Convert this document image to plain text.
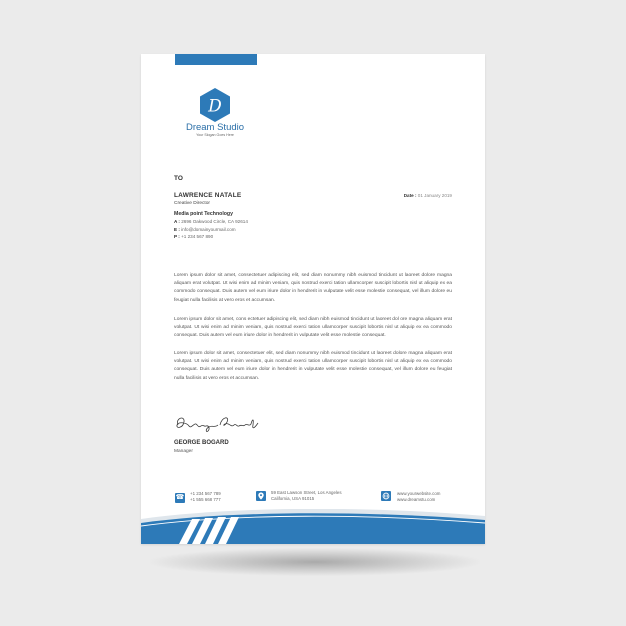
D
Dream Studio
Your Slogan Goes Here
TO
Date : 01 January 2019
LAWRENCE NATALE
Creative Director
Media point Technology
A : 2696 Oakwood Circle, CA 92614
E : info@domainyourmail.com
P : +1 234 567 890

Lorem ipsum dolor sit amet, consectetuer adipiscing elit, sed diam nonummy nibh euismod tincidunt ut laoreet dolore magna aliquam erat volutpat. Ut wisi enim ad minim veniam, quis nostrud exerci tation ullamcorper suscipit lobortis nisl ut aliquip ex ea commodo consequat. Duis autem vel eum iriure dolor in hendrerit in vulputate velit esse molestie consequat, vel illum dolore eu feugiat nulla facilisis at vero eros et accumsan.

Lorem ipsum dolor sit amet, cons ectetuer adipiscing elit, sed diam nibh euismod tincidunt ut laoreet dol ore magna aliquam erat volutpat. Ut wisi enim ad minim veniam, quis nostrud exerci tation ullamcorper suscipit lobortis nisl ut aliquip ex ea commodo consequat. Duis autem vel eum iriure dolor in hendrerit in vulputate velit esse molestie consequat.

Lorem ipsum dolor sit amet, consectetuer elit, sed diam nonummy nibh euismod tincidunt ut laoreet dolore magna aliquam erat volutpat. Ut wisi enim ad minim veniam, quis nostrud exerci tation ullamcorper suscipit lobortis nisl ut aliquip ex ea commodo consequat. Duis autem vel eum iriure dolor in hendrerit in vulputate velit esse molestie consequat, vel illum dolore eu feugiat nulla facilisis at vero eros et accumsan.

GEORGE BOGARD
Manager
☎
+1 234 567 789
+1 555 668 777
59 East Lawson Street, Los Angeles
California, USA 91015
www.yourwebsite.com
www.dreamstu.com
